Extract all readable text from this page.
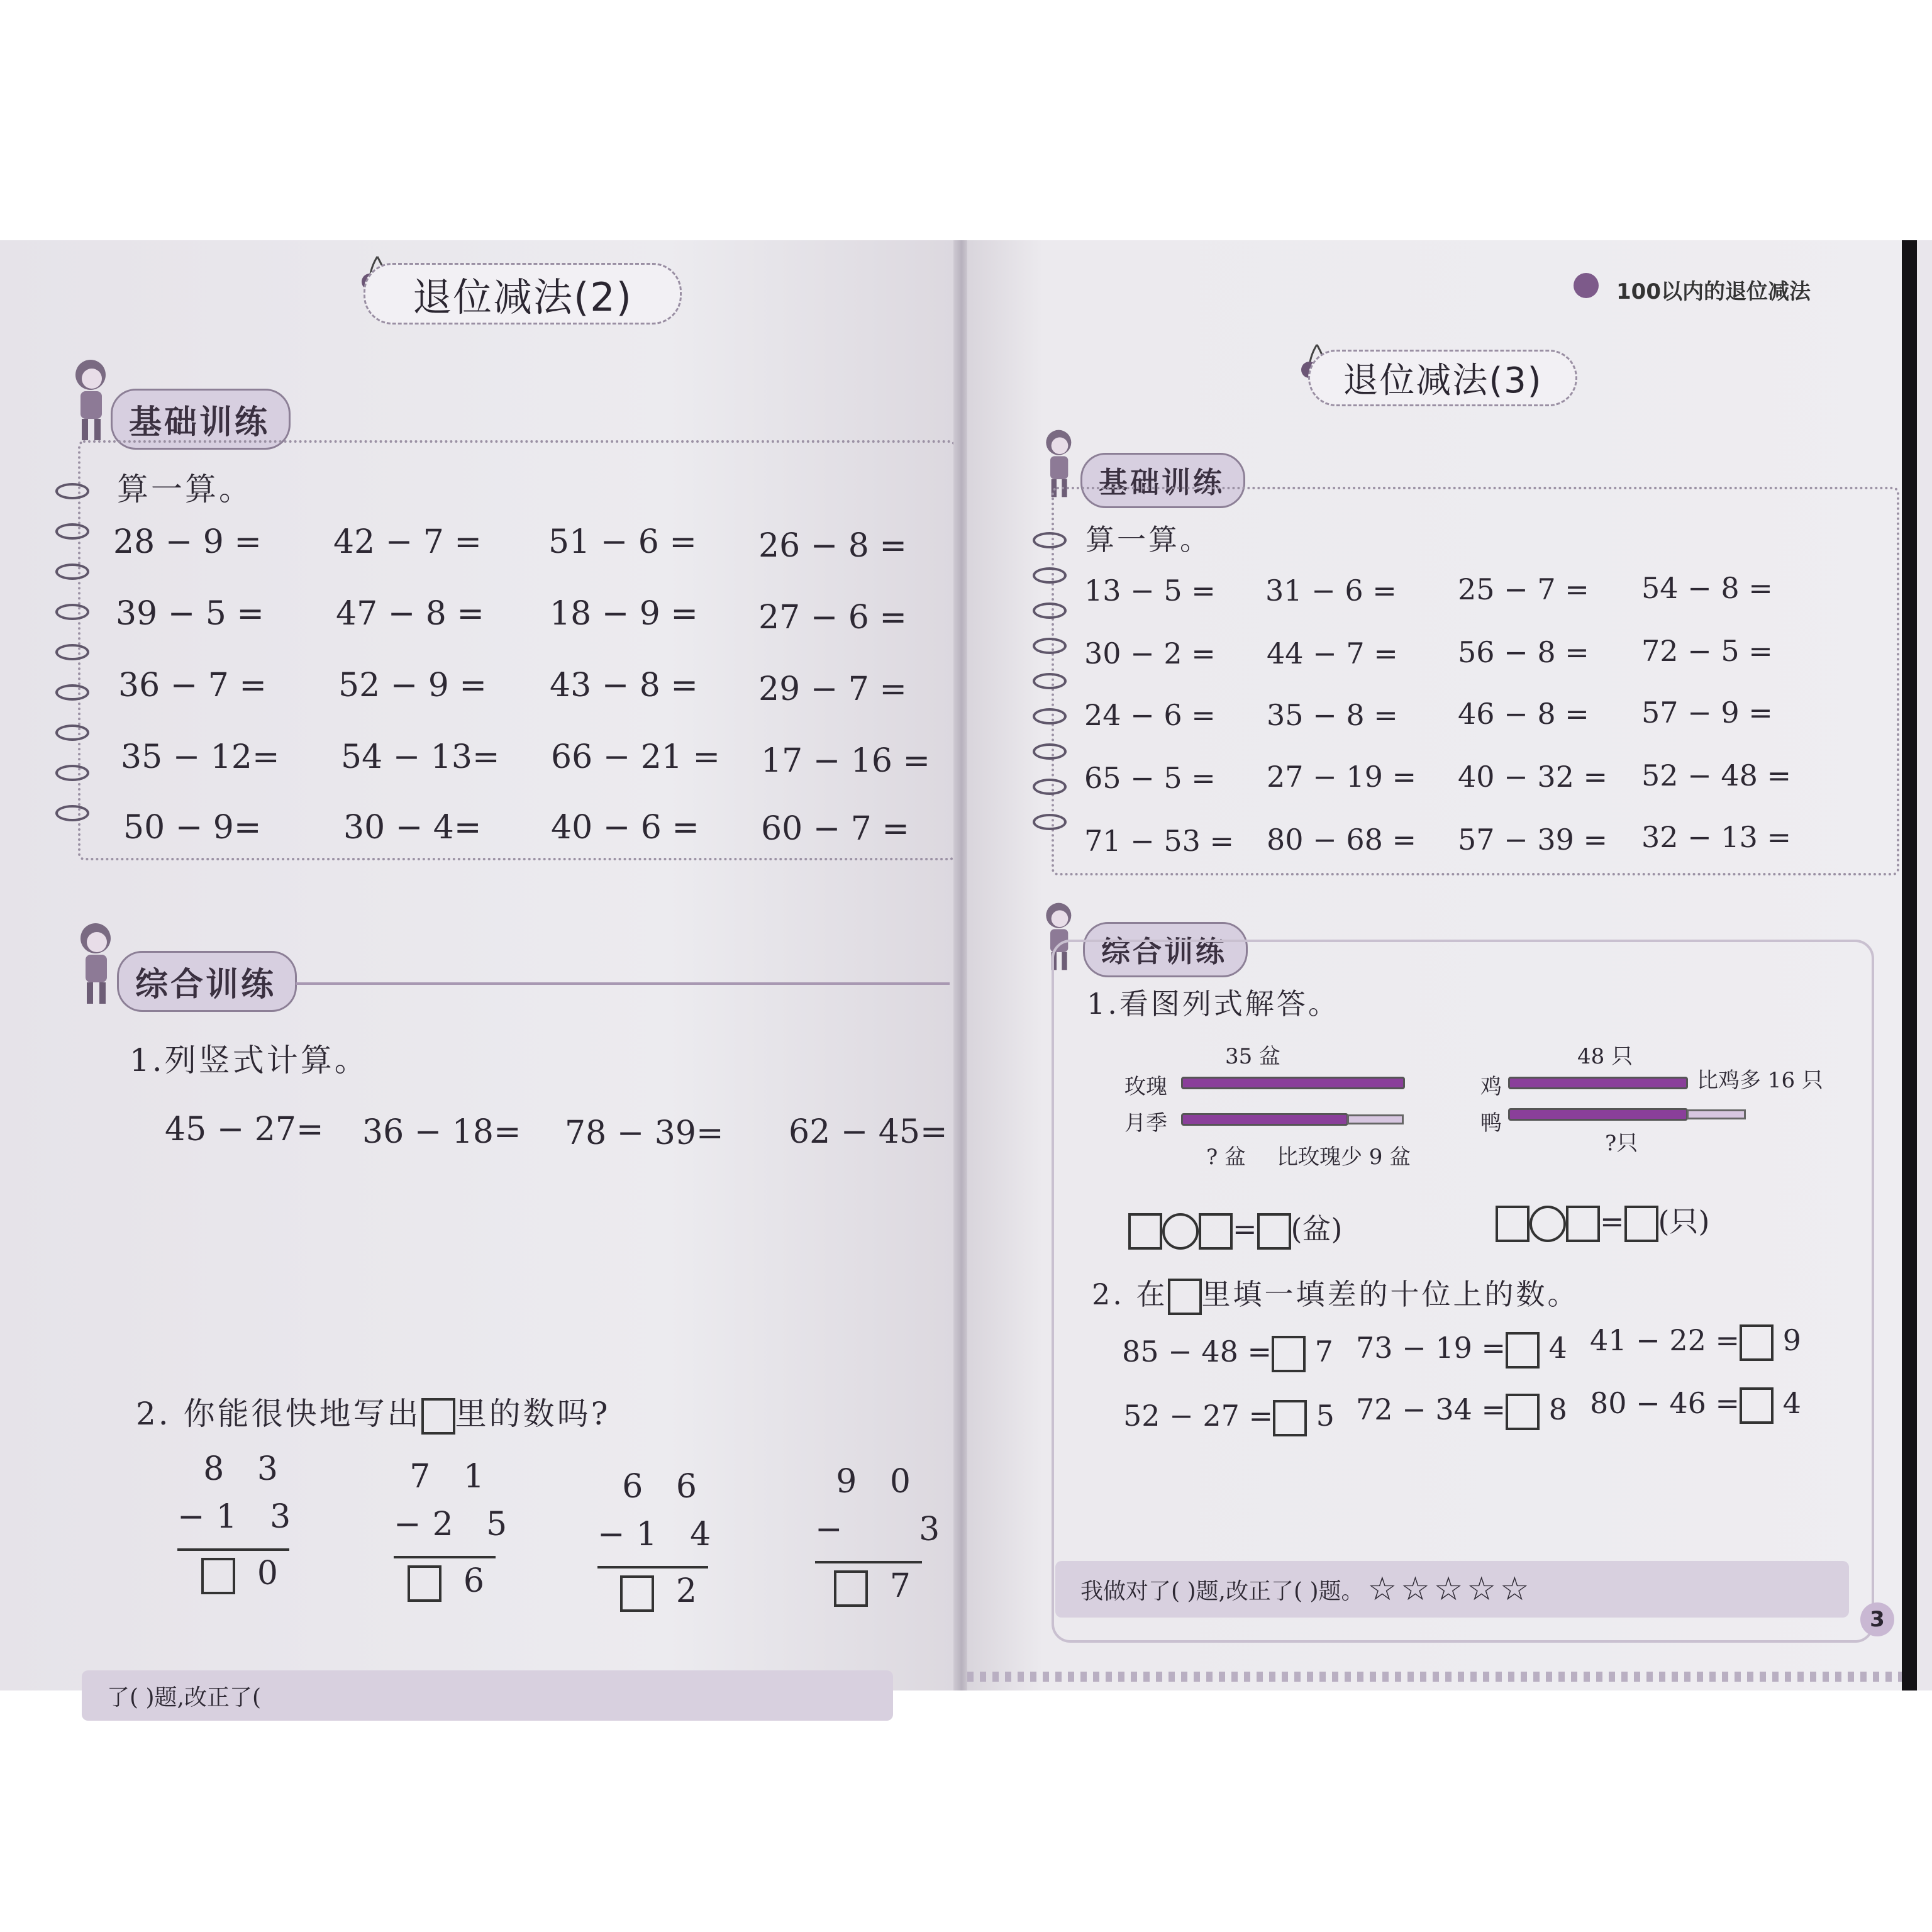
退位减法(2)
基础训练
算一算。
28 − 9 = 42 − 7 = 51 − 6 = 26 − 8 =
39 − 5 = 47 − 8 = 18 − 9 = 27 − 6 =
36 − 7 = 52 − 9 = 43 − 8 = 29 − 7 =
35 − 12= 54 − 13= 66 − 21 = 17 − 16 =
50 − 9=	30 − 4= 40 − 6 = 60 − 7 =
综合训练
1.列竖式计算。
45 − 27= 36 − 18= 78 − 39= 62 − 45=
2. 你能很快地写出 里的数吗?
8 3
−1 3
0
7 1
−2 5
6
6 6
−1 4
2
9 0
−   3
7
了( )题,改正了(
100以内的退位减法
退位减法(3)
基础训练
算一算。
13 − 5 = 31 − 6 = 25 − 7 = 54 − 8 =
30 − 2 = 44 − 7 = 56 − 8 = 72 − 5 =
24 − 6 = 35 − 8 = 46 − 8 = 57 − 9 =
65 − 5 = 27 − 19 = 40 − 32 = 52 − 48 =
71 − 53 = 80 − 68 = 57 − 39 = 32 − 13 =
综合训练
1.看图列式解答。
35 盆
玫瑰
月季
? 盆 比玫瑰少 9 盆
48 只
鸡
鸭
比鸡多 16 只
?只
= (盆)	= (只)
2. 在 里填一填差的十位上的数。
85 − 48 = 7 73 − 19 = 4 41 − 22 = 9
52 − 27 = 5 72 − 34 = 8 80 − 46 = 4
我做对了( )题,改正了( )题。 ☆☆☆☆☆
3
